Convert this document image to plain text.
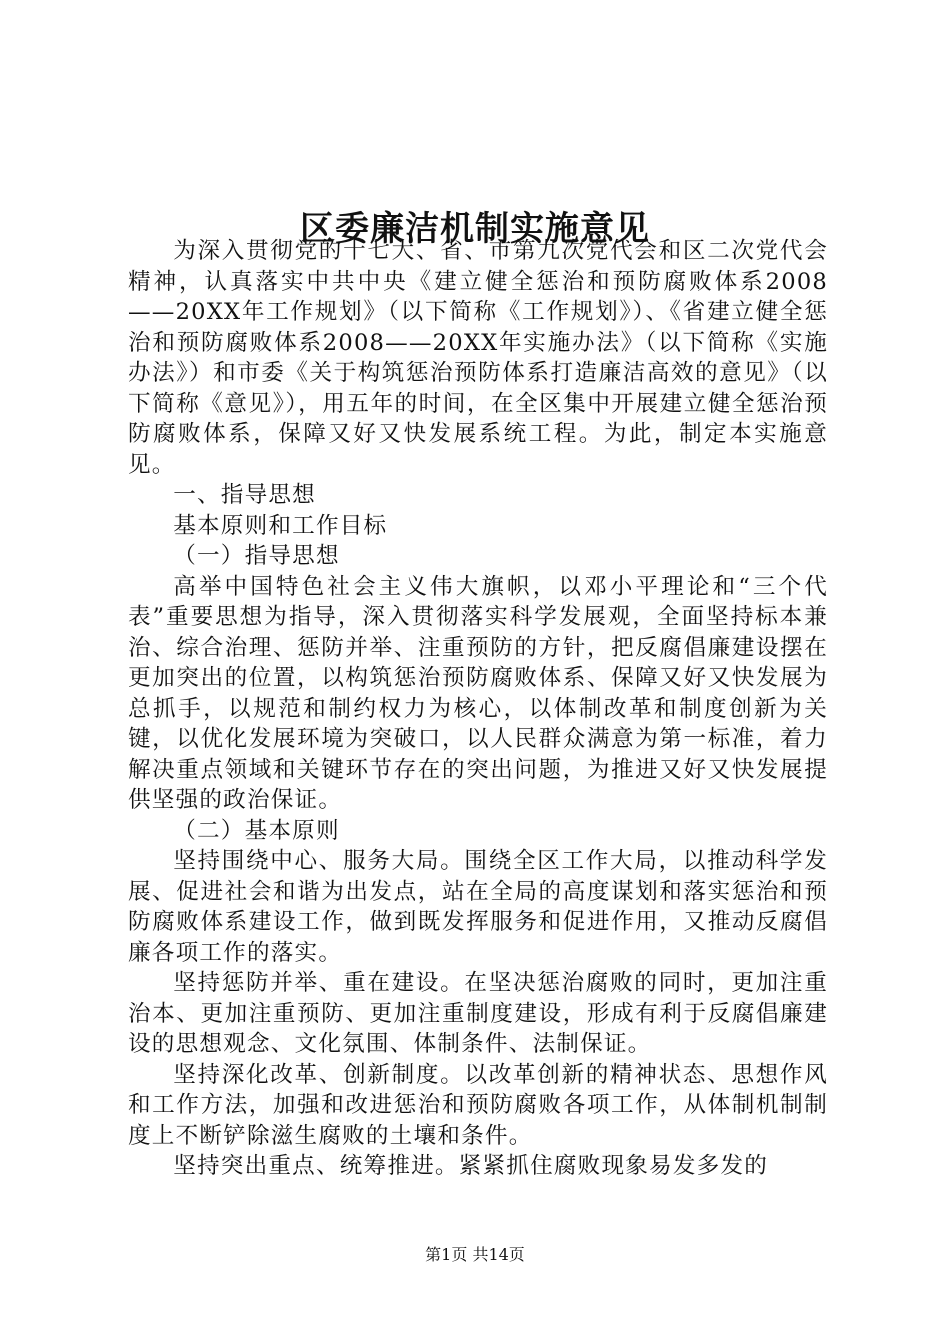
区委廉洁机制实施意见

为深入贯彻党的十七大、省、市第九次党代会和区二次党代会精神，认真落实中共中央《建立健全惩治和预防腐败体系2008——20XX年工作规划》（以下简称《工作规划》）、《省建立健全惩治和预防腐败体系2008——20XX年实施办法》（以下简称《实施办法》）和市委《关于构筑惩治预防体系打造廉洁高效的意见》（以下简称《意见》），用五年的时间，在全区集中开展建立健全惩治预防腐败体系，保障又好又快发展系统工程。为此，制定本实施意见。

一、指导思想

基本原则和工作目标

（一）指导思想

高举中国特色社会主义伟大旗帜，以邓小平理论和“三个代表”重要思想为指导，深入贯彻落实科学发展观，全面坚持标本兼治、综合治理、惩防并举、注重预防的方针，把反腐倡廉建设摆在更加突出的位置，以构筑惩治预防腐败体系、保障又好又快发展为总抓手，以规范和制约权力为核心，以体制改革和制度创新为关键，以优化发展环境为突破口，以人民群众满意为第一标准，着力解决重点领域和关键环节存在的突出问题，为推进又好又快发展提供坚强的政治保证。

（二）基本原则

坚持围绕中心、服务大局。围绕全区工作大局，以推动科学发展、促进社会和谐为出发点，站在全局的高度谋划和落实惩治和预防腐败体系建设工作，做到既发挥服务和促进作用，又推动反腐倡廉各项工作的落实。

坚持惩防并举、重在建设。在坚决惩治腐败的同时，更加注重治本、更加注重预防、更加注重制度建设，形成有利于反腐倡廉建设的思想观念、文化氛围、体制条件、法制保证。

坚持深化改革、创新制度。以改革创新的精神状态、思想作风和工作方法，加强和改进惩治和预防腐败各项工作，从体制机制制度上不断铲除滋生腐败的土壤和条件。

坚持突出重点、统筹推进。紧紧抓住腐败现象易发多发的

第1页 共14页
